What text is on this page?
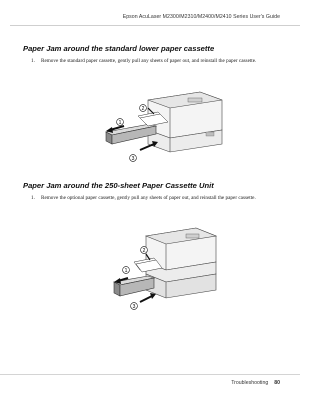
Epson AcuLaser M2300/M2310/M2400/M2410 Series User's Guide
Paper Jam around the standard lower paper cassette
1. Remove the standard paper cassette, gently pull any sheets of paper out, and reinstall the paper cassette.
2
1
3
Paper Jam around the 250-sheet Paper Cassette Unit
1. Remove the optional paper cassette, gently pull any sheets of paper out, and reinstall the paper cassette.
2
1
3
Troubleshooting 80
